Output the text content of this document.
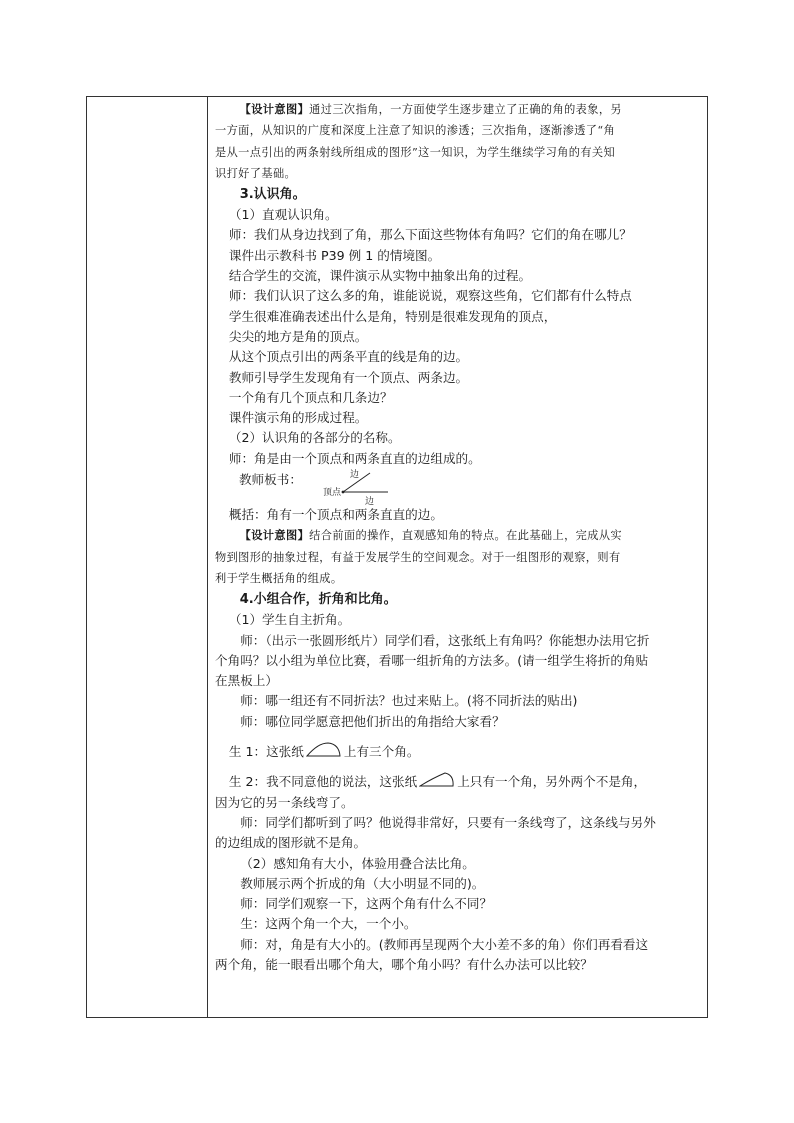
【设计意图】通过三次指角，一方面使学生逐步建立了正确的角的表象，另

一方面，从知识的广度和深度上注意了知识的渗透；三次指角，逐渐渗透了“角

是从一点引出的两条射线所组成的图形”这一知识，为学生继续学习角的有关知

识打好了基础。

3.认识角。

（1）直观认识角。

师：我们从身边找到了角，那么下面这些物体有角吗？它们的角在哪儿？

课件出示教科书 P39 例 1 的情境图。

结合学生的交流，课件演示从实物中抽象出角的过程。

师：我们认识了这么多的角，谁能说说，观察这些角，它们都有什么特点

学生很难准确表述出什么是角，特别是很难发现角的顶点，

尖尖的地方是角的顶点。

从这个顶点引出的两条平直的线是角的边。

教师引导学生发现角有一个顶点、两条边。

一个角有几个顶点和几条边？

课件演示角的形成过程。

（2）认识角的各部分的名称。

师：角是由一个顶点和两条直直的边组成的。

教师板书：	边
顶点
边

概括：角有一个顶点和两条直直的边。

【设计意图】结合前面的操作，直观感知角的特点。在此基础上，完成从实

物到图形的抽象过程，有益于发展学生的空间观念。对于一组图形的观察，则有

利于学生概括角的组成。

4.小组合作，折角和比角。

（1）学生自主折角。

师：（出示一张圆形纸片）同学们看，这张纸上有角吗？你能想办法用它折

个角吗？以小组为单位比赛，看哪一组折角的方法多。(请一组学生将折的角贴

在黑板上）

师：哪一组还有不同折法？也过来贴上。(将不同折法的贴出)

师：哪位同学愿意把他们折出的角指给大家看？

生 1：这张纸	上有三个角。

生 2：我不同意他的说法，这张纸	上只有一个角，另外两个不是角，

因为它的另一条线弯了。

师：同学们都听到了吗？他说得非常好，只要有一条线弯了，这条线与另外

的边组成的图形就不是角。

（2）感知角有大小，体验用叠合法比角。

教师展示两个折成的角（大小明显不同的)。

师：同学们观察一下，这两个角有什么不同？

生：这两个角一个大，一个小。

师：对，角是有大小的。(教师再呈现两个大小差不多的角）你们再看看这

两个角，能一眼看出哪个角大，哪个角小吗？有什么办法可以比较？
